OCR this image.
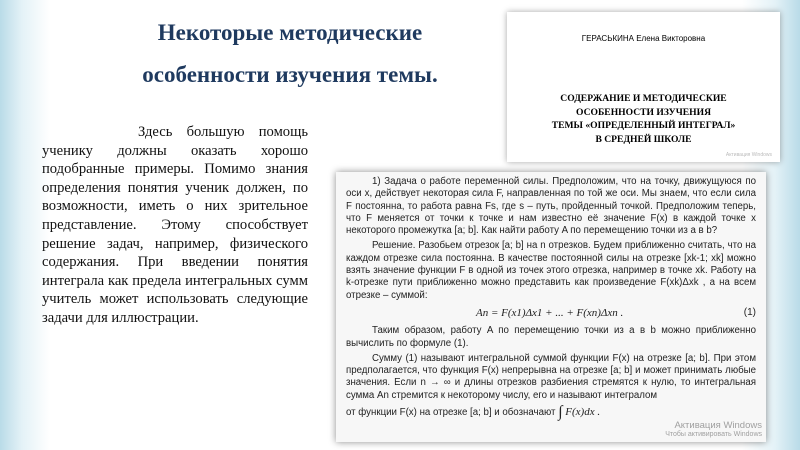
Некоторые методические
особенности изучения темы.
Здесь большую помощь ученику должны оказать хорошо подобранные примеры. Помимо знания определения понятия ученик должен, по возможности, иметь о них зрительное представление. Этому способствует решение задач, например, физического содержания. При введении понятия интеграла как предела интегральных сумм учитель может использовать следующие задачи для иллюстрации.
ГЕРАСЬКИНА Елена Викторовна
СОДЕРЖАНИЕ И МЕТОДИЧЕСКИЕ
ОСОБЕННОСТИ ИЗУЧЕНИЯ
ТЕМЫ «ОПРЕДЕЛЕННЫЙ ИНТЕГРАЛ»
В СРЕДНЕЙ ШКОЛЕ
Активация Windows

1) Задача о работе переменной силы. Предположим, что на точку, движущуюся по оси x, действует некоторая сила F, направленная по той же оси. Мы знаем, что если сила F постоянна, то работа равна Fs, где s – путь, пройденный точкой. Предположим теперь, что F меняется от точки к точке и нам известно её значение F(x) в каждой точке x некоторого промежутка [a; b]. Как найти работу A по перемещению точки из a в b?

Решение. Разобьем отрезок [a; b] на n отрезков. Будем приближенно считать, что на каждом отрезке сила постоянна. В качестве постоянной силы на отрезке [xk-1; xk] можно взять значение функции F в одной из точек этого отрезка, например в точке xk. Работу на k-отрезке пути приближенно можно представить как произведение F(xk)Δxk , а на всем отрезке – суммой:

An = F(x1)Δx1 + ... + F(xn)Δxn .	(1)

Таким образом, работу A по перемещению точки из a в b можно приближенно вычислить по формуле (1).

Сумму (1) называют интегральной суммой функции F(x) на отрезке [a; b]. При этом предполагается, что функция F(x) непрерывна на отрезке [a; b] и может принимать любые значения. Если n → ∞ и длины отрезков разбиения стремятся к нулю, то интегральная сумма An стремится к некоторому числу, его и называют интегралом

от функции F(x) на отрезке [a; b] и обозначают ∫ F(x)dx .

Активация Windows
Чтобы активировать Windows
